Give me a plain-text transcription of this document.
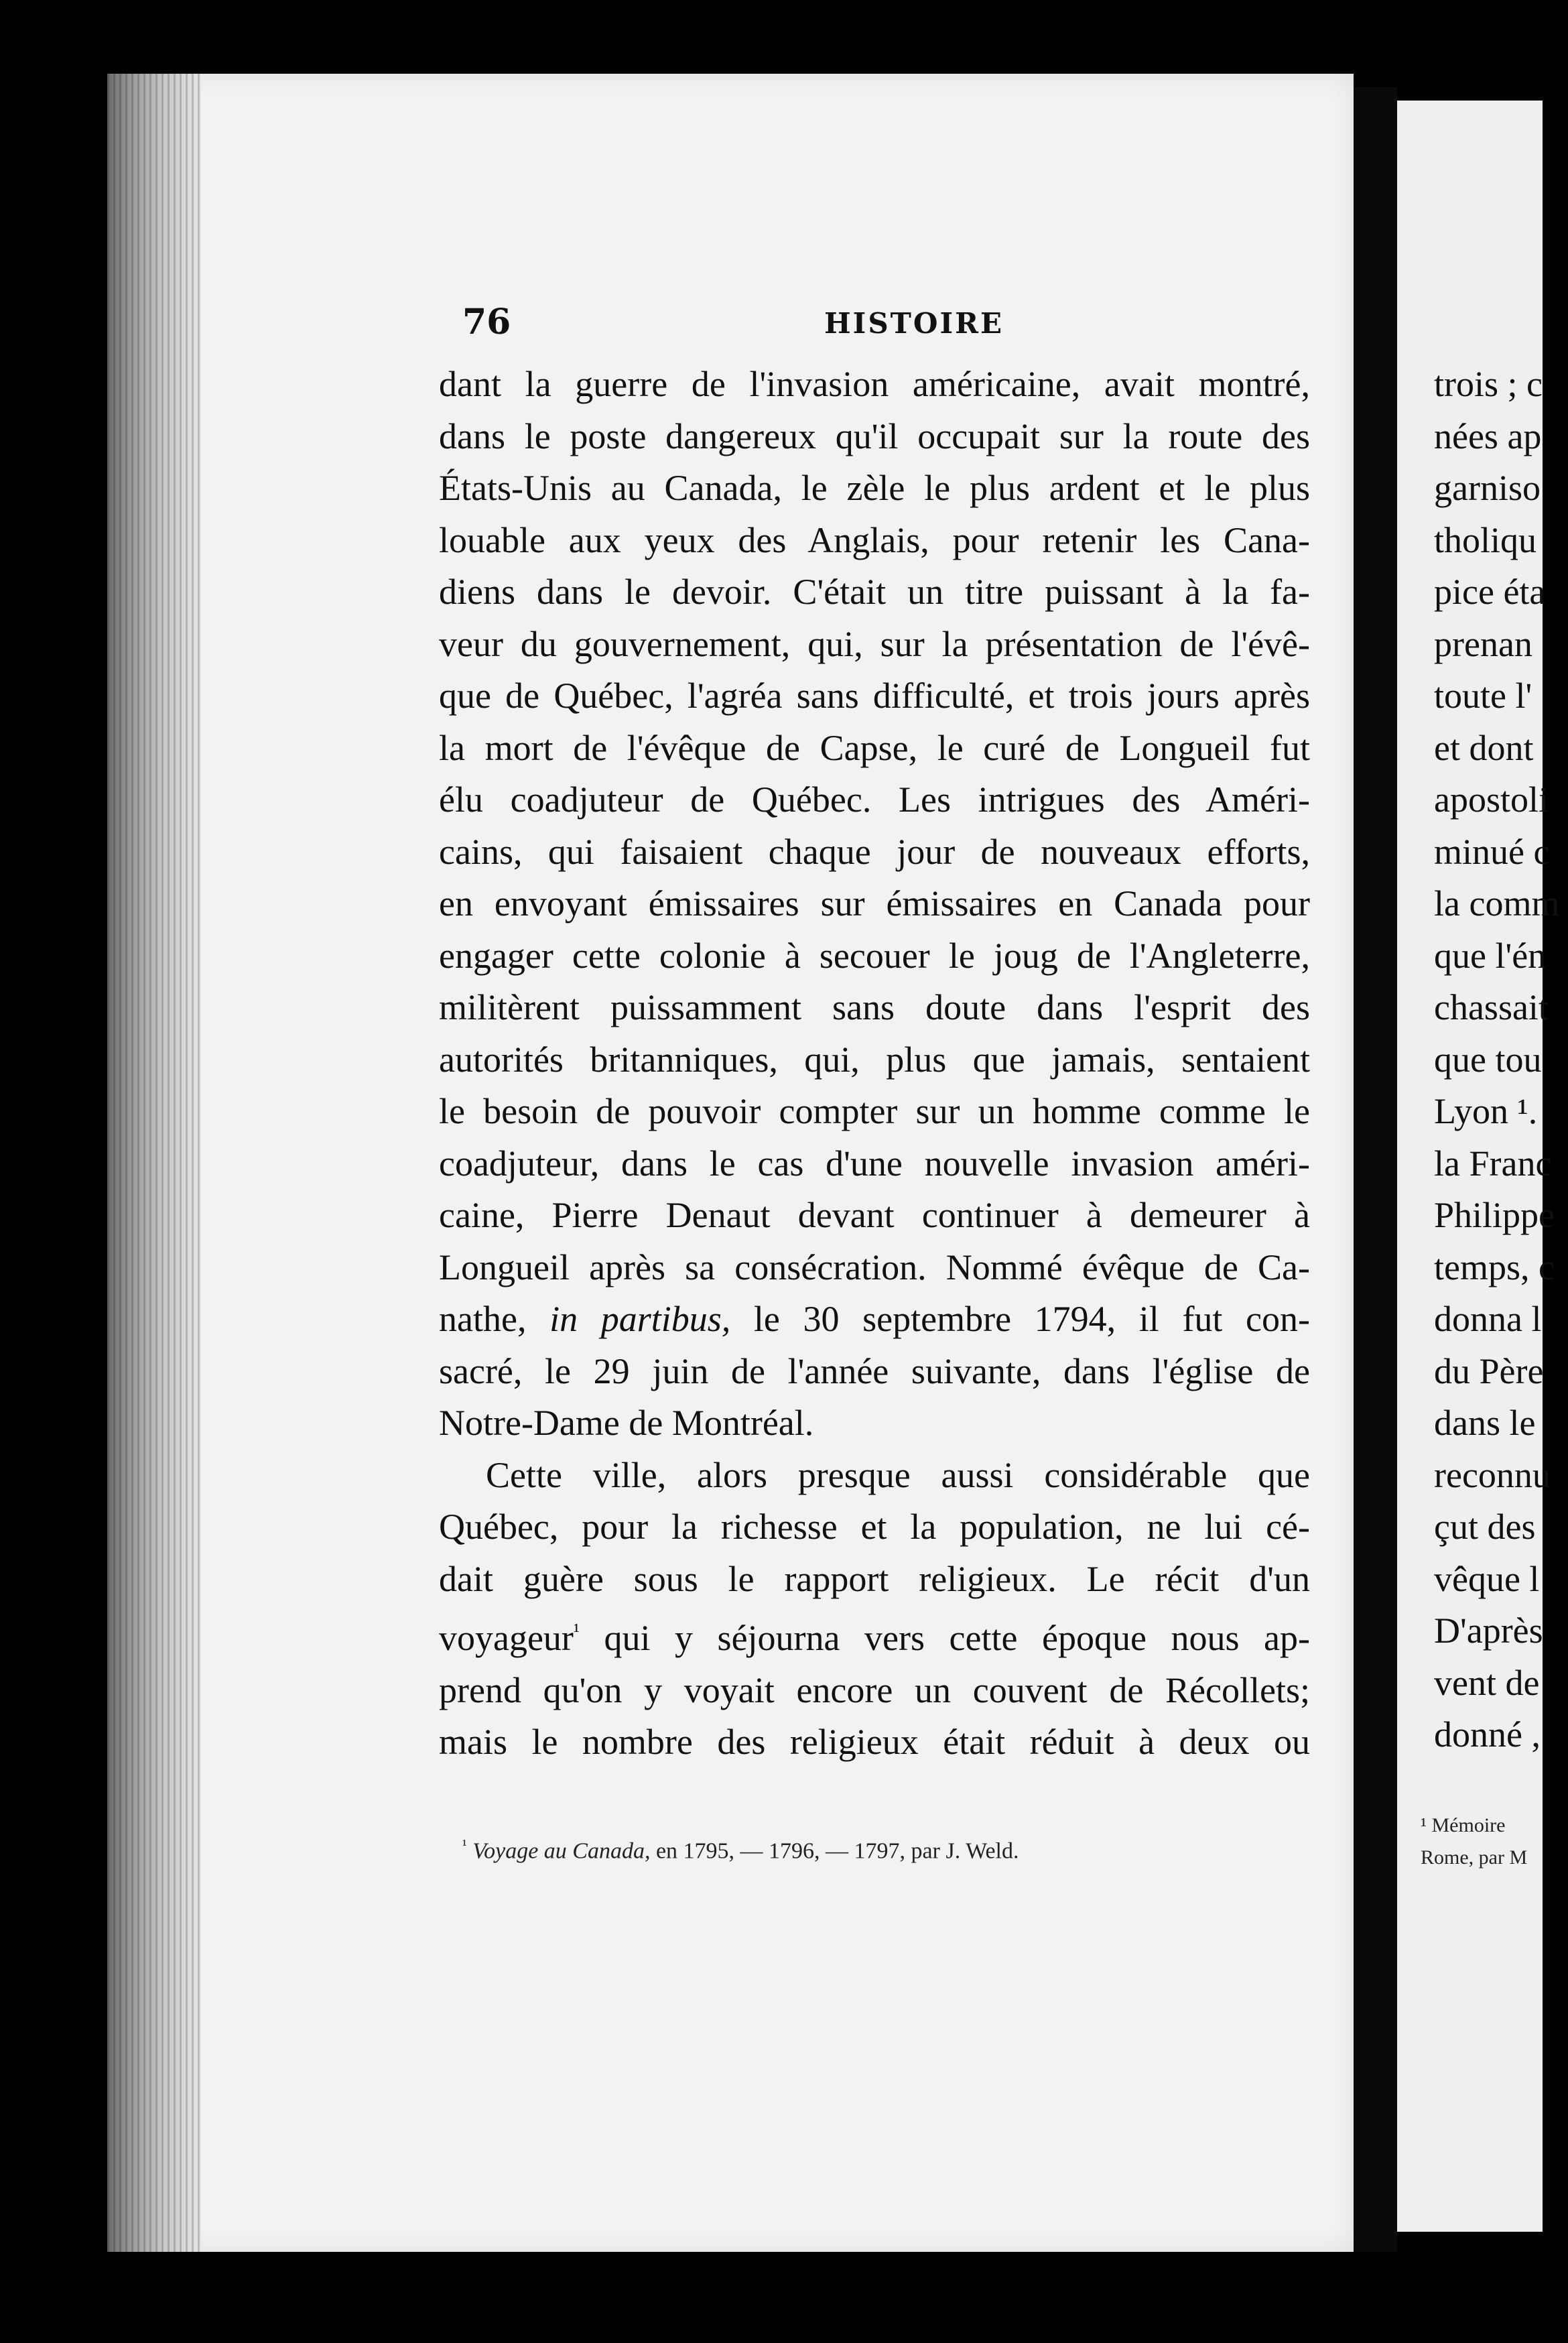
76	HISTOIRE
dant la guerre de l'invasion américaine, avait montré,
dans le poste dangereux qu'il occupait sur la route des
États-Unis au Canada, le zèle le plus ardent et le plus
louable aux yeux des Anglais, pour retenir les Cana-
diens dans le devoir. C'était un titre puissant à la fa-
veur du gouvernement, qui, sur la présentation de l'évê-
que de Québec, l'agréa sans difficulté, et trois jours après
la mort de l'évêque de Capse, le curé de Longueil fut
élu coadjuteur de Québec. Les intrigues des Améri-
cains, qui faisaient chaque jour de nouveaux efforts,
en envoyant émissaires sur émissaires en Canada pour
engager cette colonie à secouer le joug de l'Angleterre,
militèrent puissamment sans doute dans l'esprit des
autorités britanniques, qui, plus que jamais, sentaient
le besoin de pouvoir compter sur un homme comme le
coadjuteur, dans le cas d'une nouvelle invasion améri-
caine, Pierre Denaut devant continuer à demeurer à
Longueil après sa consécration. Nommé évêque de Ca-
nathe, in partibus, le 30 septembre 1794, il fut con-
sacré, le 29 juin de l'année suivante, dans l'église de
Notre-Dame de Montréal.
Cette ville, alors presque aussi considérable que
Québec, pour la richesse et la population, ne lui cé-
dait guère sous le rapport religieux. Le récit d'un
voyageur$^{^1}$ qui y séjourna vers cette époque nous ap-
prend qu'on y voyait encore un couvent de Récollets;
mais le nombre des religieux était réduit à deux ou
$^{^1}$ Voyage au Canada, en 1795, — 1796, — 1797, par J. Weld.
trois ; c
nées ap
garniso
tholiqu
pice éta
prenan
toute l'
et dont
apostoli
minué c
la comm
que l'én
chassait
que tou
Lyon ¹.
la Franc
Philippe
temps, c
donna l
du Père
dans le
reconnu
çut des
vêque l
D'après
vent de
donné ,
¹ Mémoire
Rome, par M
